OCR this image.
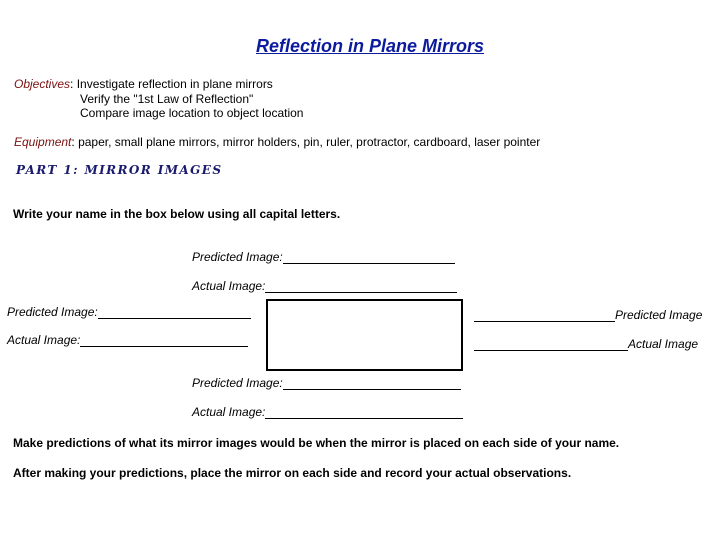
Reflection in Plane Mirrors
Objectives: Investigate reflection in plane mirrors
Verify the "1st Law of Reflection"
Compare image location to object location
Equipment: paper, small plane mirrors, mirror holders, pin, ruler, protractor, cardboard, laser pointer
PART 1: MIRROR IMAGES
Write your name in the box below using all capital letters.
Predicted Image:
Actual Image:
Predicted Image:
Actual Image:
Predicted Image
Actual Image
Predicted Image:
Actual Image:
Make predictions of what its mirror images would be when the mirror is placed on each side of your name.
After making your predictions, place the mirror on each side and record your actual observations.
